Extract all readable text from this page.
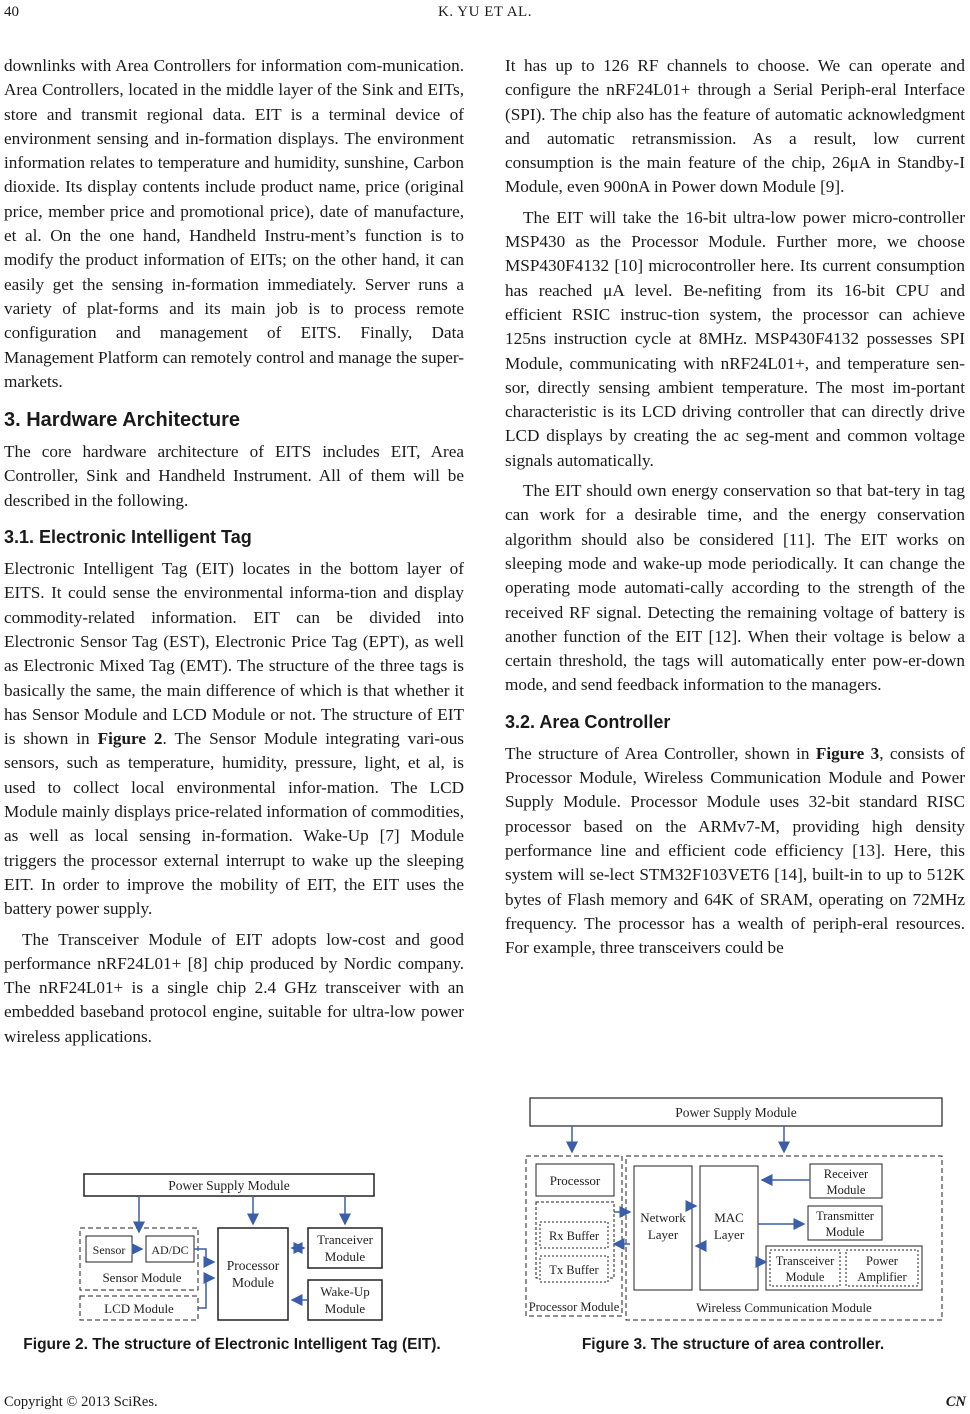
40	K. YU ET AL.

downlinks with Area Controllers for information com-munication. Area Controllers, located in the middle layer of the Sink and EITs, store and transmit regional data. EIT is a terminal device of environment sensing and in-formation displays. The environment information relates to temperature and humidity, sunshine, Carbon dioxide. Its display contents include product name, price (original price, member price and promotional price), date of manufacture, et al. On the one hand, Handheld Instru-ment’s function is to modify the product information of EITs; on the other hand, it can easily get the sensing in-formation immediately. Server runs a variety of plat-forms and its main job is to process remote configuration and management of EITS. Finally, Data Management Platform can remotely control and manage the super-markets.

3. Hardware Architecture

The core hardware architecture of EITS includes EIT, Area Controller, Sink and Handheld Instrument. All of them will be described in the following.

3.1. Electronic Intelligent Tag

Electronic Intelligent Tag (EIT) locates in the bottom layer of EITS. It could sense the environmental informa-tion and display commodity-related information. EIT can be divided into Electronic Sensor Tag (EST), Electronic Price Tag (EPT), as well as Electronic Mixed Tag (EMT). The structure of the three tags is basically the same, the main difference of which is that whether it has Sensor Module and LCD Module or not. The structure of EIT is shown in Figure 2. The Sensor Module integrating vari-ous sensors, such as temperature, humidity, pressure, light, et al, is used to collect local environmental infor-mation. The LCD Module mainly displays price-related information of commodities, as well as local sensing in-formation. Wake-Up [7] Module triggers the processor external interrupt to wake up the sleeping EIT. In order to improve the mobility of EIT, the EIT uses the battery power supply.

The Transceiver Module of EIT adopts low-cost and good performance nRF24L01+ [8] chip produced by Nordic company. The nRF24L01+ is a single chip 2.4 GHz transceiver with an embedded baseband protocol engine, suitable for ultra-low power wireless applications.

It has up to 126 RF channels to choose. We can operate and configure the nRF24L01+ through a Serial Periph-eral Interface (SPI). The chip also has the feature of automatic acknowledgment and automatic retransmission. As a result, low current consumption is the main feature of the chip, 26μA in Standby-I Module, even 900nA in Power down Module [9].

The EIT will take the 16-bit ultra-low power micro-controller MSP430 as the Processor Module. Further more, we choose MSP430F4132 [10] microcontroller here. Its current consumption has reached μA level. Be-nefiting from its 16-bit CPU and efficient RSIC instruc-tion system, the processor can achieve 125ns instruction cycle at 8MHz. MSP430F4132 possesses SPI Module, communicating with nRF24L01+, and temperature sen-sor, directly sensing ambient temperature. The most im-portant characteristic is its LCD driving controller that can directly drive LCD displays by creating the ac seg-ment and common voltage signals automatically.

The EIT should own energy conservation so that bat-tery in tag can work for a desirable time, and the energy conservation algorithm should also be considered [11]. The EIT works on sleeping mode and wake-up mode periodically. It can change the operating mode automati-cally according to the strength of the received RF signal. Detecting the remaining voltage of battery is another function of the EIT [12]. When their voltage is below a certain threshold, the tags will automatically enter pow-er-down mode, and send feedback information to the managers.

3.2. Area Controller

The structure of Area Controller, shown in Figure 3, consists of Processor Module, Wireless Communication Module and Power Supply Module. Processor Module uses 32-bit standard RISC processor based on the ARMv7-M, providing high density performance line and efficient code efficiency [13]. Here, this system will se-lect STM32F103VET6 [14], built-in to up to 512K bytes of Flash memory and 64K of SRAM, operating on 72MHz frequency. The processor has a wealth of periph-eral resources. For example, three transceivers could be

Power Supply Module
Sensor AD/DC
Sensor Module
LCD Module
Processor
Module
Tranceiver
Module
Wake-Up
Module
Figure 2. The structure of Electronic Intelligent Tag (EIT).
Power Supply Module
Processor
Rx Buffer
Tx Buffer
Processor Module
Network
Layer
MAC
Layer
Receiver
Module
Transmitter
Module
Transceiver
Module
Power
Amplifier
Wireless Communication Module
Figure 3. The structure of area controller.
Copyright © 2013 SciRes.	CN
